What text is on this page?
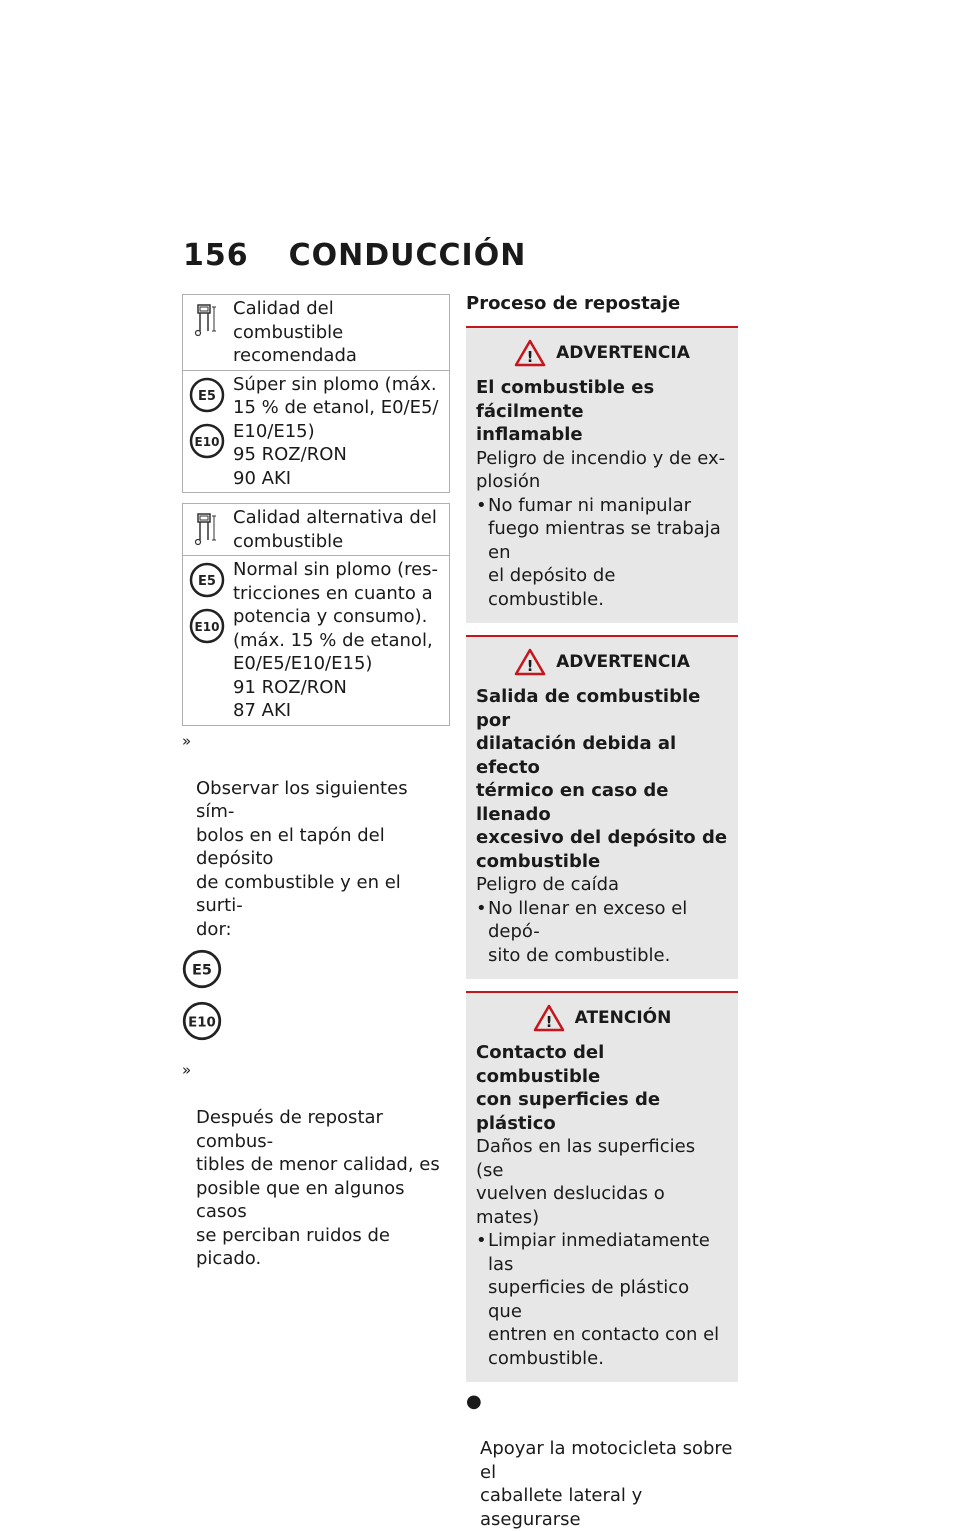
156 CONDUCCIÓN
Calidad del combustible
recomendada
E5
E10
Súper sin plomo (máx.
15 % de etanol, E0/E5/
E10/E15)
95 ROZ/RON
90 AKI
Calidad alternativa del
combustible
E5
E10
Normal sin plomo (res-
tricciones en cuanto a
potencia y consumo).
(máx. 15 % de etanol,
E0/E5/E10/E15)
91 ROZ/RON
87 AKI

»

Observar los siguientes sím-
bolos en el tapón del depósito
de combustible y en el surti-
dor:

E5
E10

»

Después de repostar combus-
tibles de menor calidad, es
posible que en algunos casos
se perciban ruidos de picado.

Proceso de repostaje
! ADVERTENCIA
El combustible es fácilmente
inflamable
Peligro de incendio y de ex-
plosión
• No fumar ni manipular
fuego mientras se trabaja en
el depósito de combustible.
! ADVERTENCIA
Salida de combustible por
dilatación debida al efecto
térmico en caso de llenado
excesivo del depósito de
combustible
Peligro de caída
• No llenar en exceso el depó-
sito de combustible.
! ATENCIÓN
Contacto del combustible
con superficies de plástico
Daños en las superficies (se
vuelven deslucidas o mates)
• Limpiar inmediatamente las
superficies de plástico que
entren en contacto con el
combustible.

●

Apoyar la motocicleta sobre el
caballete lateral y asegurarse
